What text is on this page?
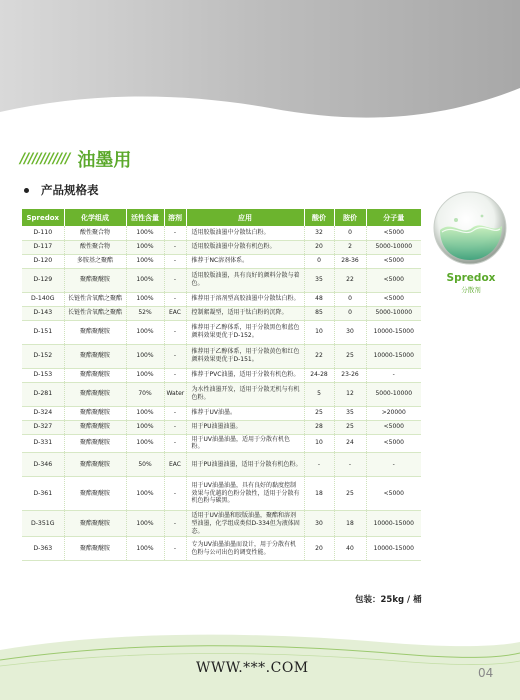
//////////// 油墨用
产品规格表
Spredox	化学组成	活性含量	溶剂	应用	酸价	胺价	分子量
D-110	酸性聚合物	100%	-	适用胶版油墨中分散钛白粉。	32	0	<5000
D-117	酸性聚合物	100%	-	适用胶版油墨中分散有机色粉。	20	2	5000-10000
D-120	多胺基之聚酯	100%	-	推荐于NC溶剂体系。	0	28-36	<5000
D-129	聚酯聚醚胺	100%	-	适用胶版油墨，具有良好的颜料分散与着色。	35	22	<5000
D-140G	长链性含氧酯之聚酯	100%	-	推荐用于溶剂型高胶油墨中分散钛白粉。	48	0	<5000
D-143	长链性含氧酯之聚酯	52%	EAC	控制絮凝型，适用于钛白粉的沉降。	85	0	5000-10000
D-151	聚酯聚醚胺	100%	-	推荐用于乙醇体系，用于分散黑色和蓝色颜料效果更优于D-152。	10	30	10000-15000
D-152	聚酯聚醚胺	100%	-	推荐用于乙醇体系，用于分散黄色和红色颜料效果更优于D-151。	22	25	10000-15000
D-153	聚酯聚醚胺	100%	-	推荐于PVC油墨，适用于分散有机色粉。	24-28	23-26	-
D-281	聚酯聚醚胺	70%	Water	为水性油墨开发，适用于分散无机与有机色粉。	5	12	5000-10000
D-324	聚酯聚醚胺	100%	-	推荐于UV油墨。	25	35	>20000
D-327	聚酯聚醚胺	100%	-	用于PU油墨油墨。	28	25	<5000
D-331	聚酯聚醚胺	100%	-	用于UV油墨油墨，适用于分散有机色粉。	10	24	<5000
D-346	聚酯聚醚胺	50%	EAC	用于PU油墨油墨，适用于分散有机色粉。	-	-	-
D-361	聚酯聚醚胺	100%	-	用于UV油墨油墨，具有良好的黏度控制效果与优越的色粉分散性，适用于分散有机色粉与碳黑。	18	25	<5000
D-351G	聚酯聚醚胺	100%	-	适用于UV油墨和胶版油墨，聚酯和溶剂型油墨，化学组成类似D-334但为液体固态。	30	18	10000-15000
D-363	聚酯聚醚胺	100%	-	专为UV油墨油墨而设计，用于分散有机色粉与公司出色的调变性能。	20	40	10000-15000
包装：25kg / 桶
Spredox
分散剂
WWW.***.COM	04
